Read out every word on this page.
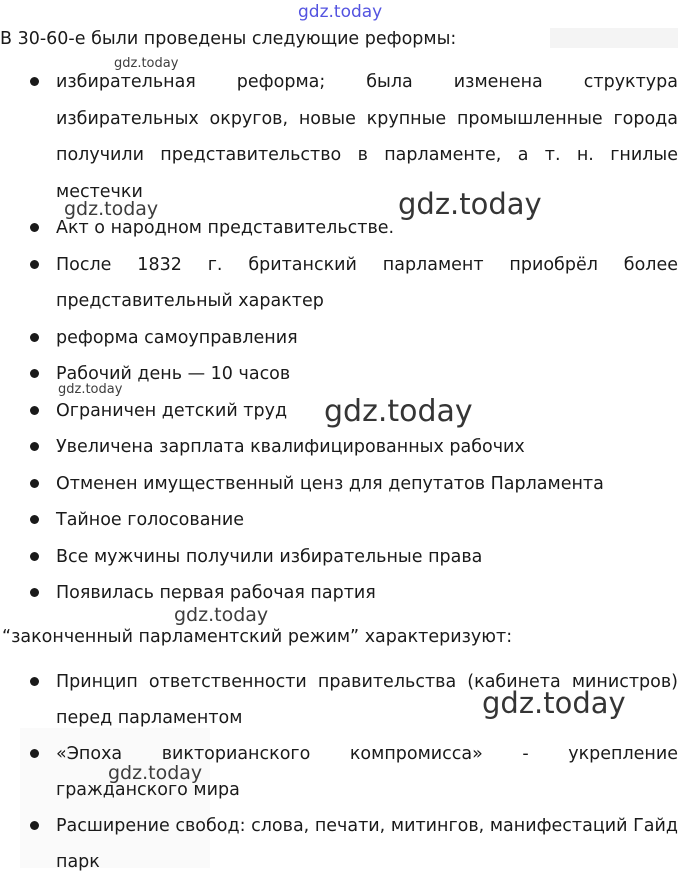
gdz.today
В 30-60-е были проведены следующие реформы:
избирательная реформа; была изменена структура избирательных округов, новые крупные промышленные города получили представительство в парламенте, а т. н. гнилые местечки
Акт о народном представительстве.
После 1832 г. британский парламент приобрёл более представительный характер
реформа самоуправления
Рабочий день — 10 часов
Ограничен детский труд
Увеличена зарплата квалифицированных рабочих
Отменен имущественный ценз для депутатов Парламента
Тайное голосование
Все мужчины получили избирательные права
Появилась первая рабочая партия
“законченный парламентский режим” характеризуют:
Принцип ответственности правительства (кабинета министров) перед парламентом
«Эпоха викторианского компромисса» - укрепление гражданского мира
Расширение свобод: слова, печати, митингов, манифестаций Гайд парк
gdz.today
gdz.today	gdz.today
gdz.today
gdz.today
gdz.today
gdz.today
gdz.today
